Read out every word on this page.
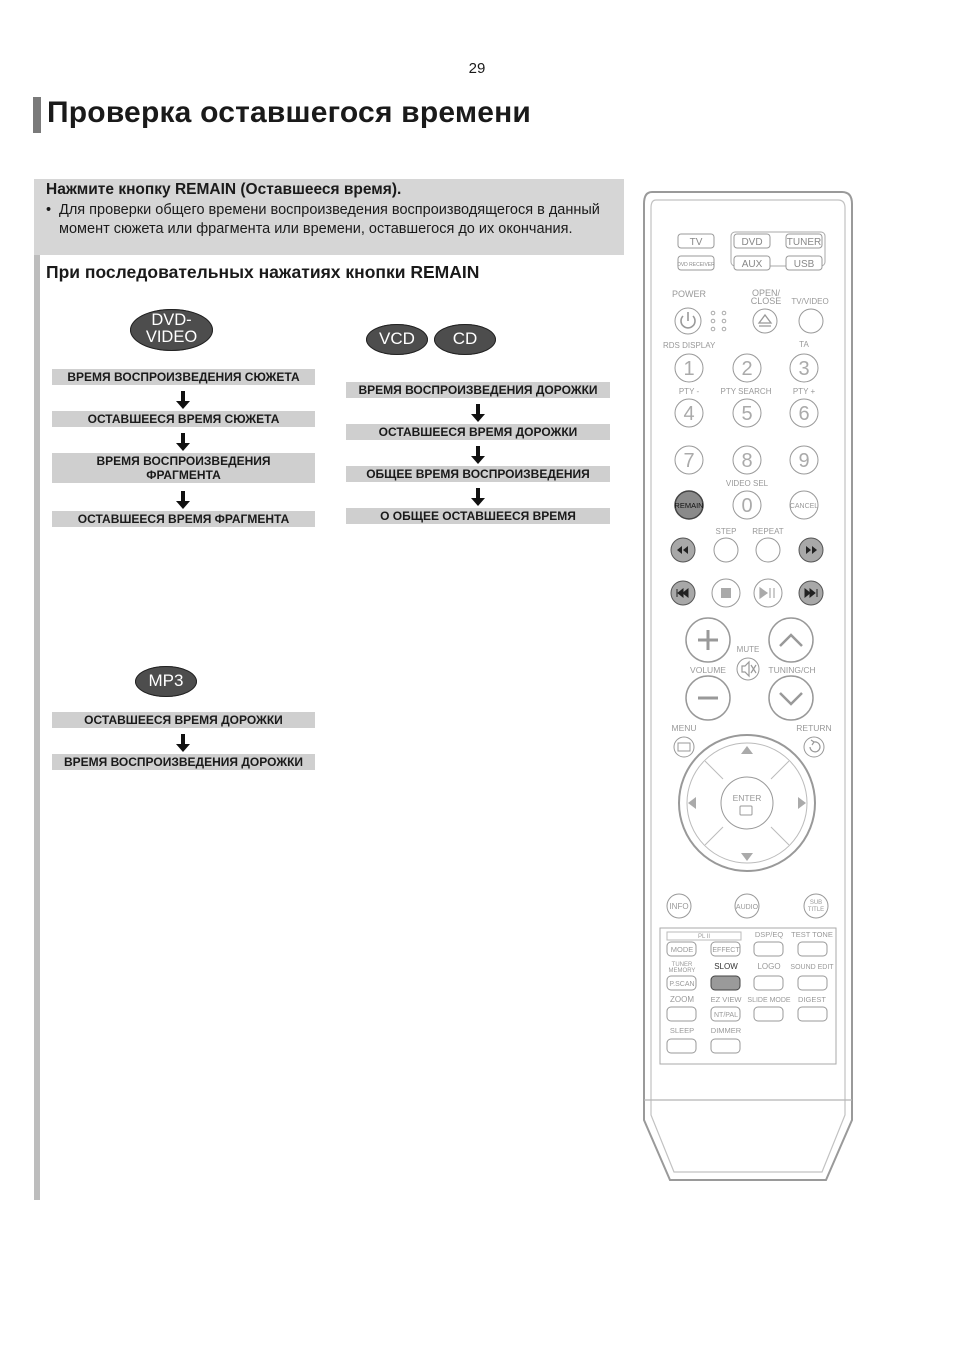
29
Проверка оставшегося времени
Нажмите кнопку REMAIN (Оставшееся время).
• Для проверки общего времени воспроизведения воспроизводящегося в данный момент сюжета или фрагмента или времени, оставшегося до их окончания.
При последовательных нажатиях кнопки REMAIN
DVD-
VIDEO
ВРЕМЯ ВОСПРОИЗВЕДЕНИЯ СЮЖЕТА
ОСТАВШЕЕСЯ ВРЕМЯ СЮЖЕТА
ВРЕМЯ ВОСПРОИЗВЕДЕНИЯ ФРАГМЕНТА
ОСТАВШЕЕСЯ ВРЕМЯ ФРАГМЕНТА
VCD	CD
ВРЕМЯ ВОСПРОИЗВЕДЕНИЯ ДОРОЖКИ
ОСТАВШЕЕСЯ ВРЕМЯ ДОРОЖКИ
ОБЩЕЕ ВРЕМЯ ВОСПРОИЗВЕДЕНИЯ
О ОБЩЕЕ ОСТАВШЕЕСЯ ВРЕМЯ
MP3
ОСТАВШЕЕСЯ ВРЕМЯ ДОРОЖКИ
ВРЕМЯ ВОСПРОИЗВЕДЕНИЯ ДОРОЖКИ
TV	DVD TUNER
DVD RECEIVER	AUX	USB
POWER	OPEN/
CLOSE TV/VIDEO
RDS DISPLAY	TA
1 2 3
PTY -	PTY SEARCH	PTY +
4 5 6
7 8 9
VIDEO SEL
REMAIN 0	CANCEL
STEP REPEAT
MUTE
VOLUME	TUNING/CH
MENU	RETURN
ENTER
INFO	AUDIO
SUB
TITLE
PL II	DSP/EQ TEST TONE
MODE	EFFECT
TUNER
MEMORY SLOW LOGO SOUND EDIT
P.SCAN
ZOOM EZ VIEW SLIDE MODE DIGEST
NT/PAL
SLEEP DIMMER
